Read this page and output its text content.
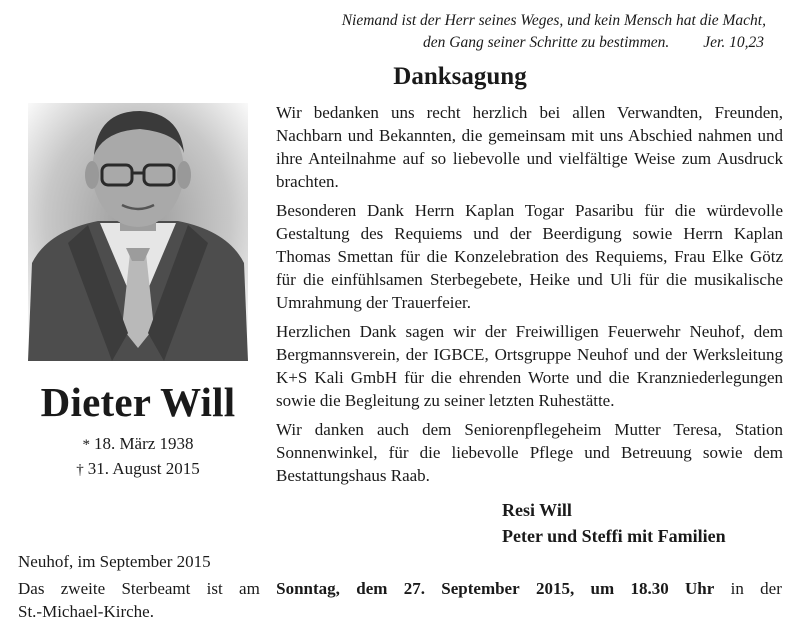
Niemand ist der Herr seines Weges, und kein Mensch hat die Macht,
den Gang seiner Schritte zu bestimmen. Jer. 10,23
Dieter Will
* 18. März 1938
† 31. August 2015
Danksagung

Wir bedanken uns recht herzlich bei allen Verwandten, Freunden, Nachbarn und Bekannten, die gemeinsam mit uns Abschied nahmen und ihre Anteilnahme auf so liebevolle und vielfältige Weise zum Ausdruck brachten.

Besonderen Dank Herrn Kaplan Togar Pasaribu für die würdevolle Gestaltung des Requiems und der Beerdigung sowie Herrn Kaplan Thomas Smettan für die Konzelebration des Requiems, Frau Elke Götz für die einfühlsamen Sterbegebete, Heike und Uli für die musikalische Umrahmung der Trauerfeier.

Herzlichen Dank sagen wir der Freiwilligen Feuerwehr Neuhof, dem Bergmannsverein, der IGBCE, Ortsgruppe Neuhof und der Werksleitung K+S Kali GmbH für die ehrenden Worte und die Kranzniederlegungen sowie die Begleitung zu seiner letzten Ruhestätte.

Wir danken auch dem Seniorenpflegeheim Mutter Teresa, Station Sonnenwinkel, für die liebevolle Pflege und Betreuung sowie dem Bestattungshaus Raab.

Resi Will
Peter und Steffi mit Familien
Neuhof, im September 2015
Das zweite Sterbeamt ist am Sonntag, dem 27. September 2015, um 18.30 Uhr in der
St.-Michael-Kirche.
